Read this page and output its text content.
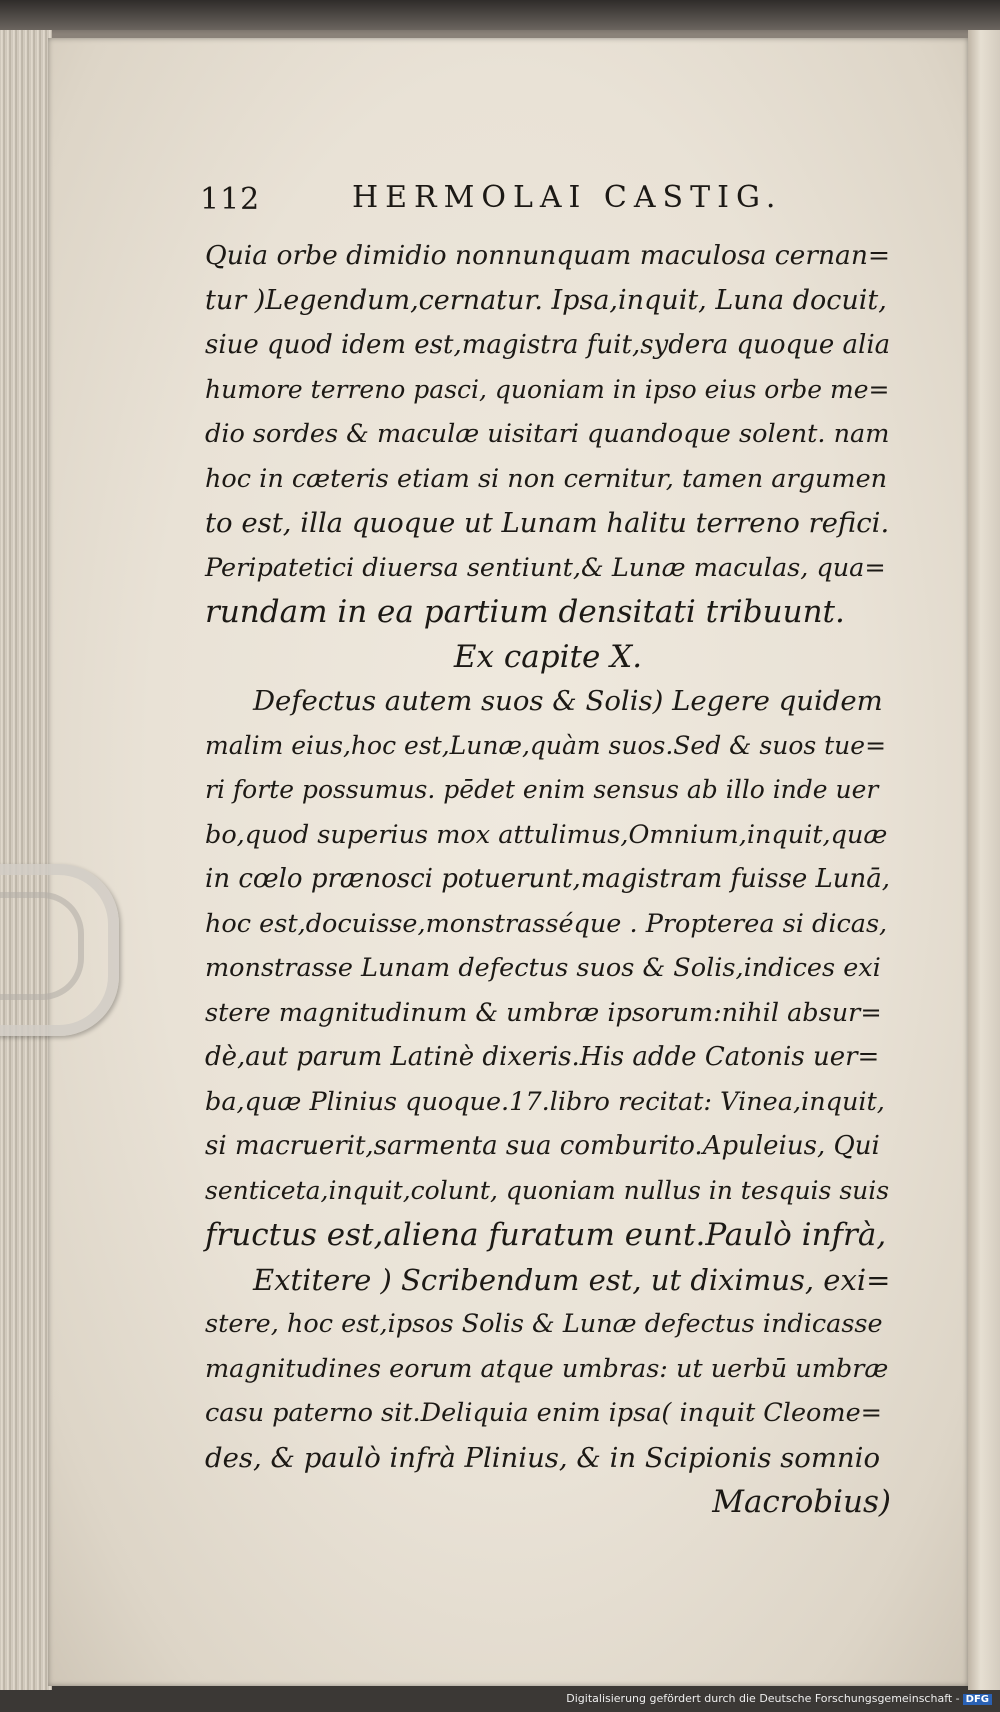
112	HERMOLAI CASTIG.
Quia orbe dimidio nonnunquam maculosa cernan=
tur )Legendum,cernatur. Ipsa,inquit, Luna docuit,
siue quod idem est,magistra fuit,sydera quoque alia
humore terreno pasci, quoniam in ipso eius orbe me=
dio sordes & maculæ uisitari quandoque solent. nam
hoc in cæteris etiam si non cernitur, tamen argumen
to est, illa quoque ut Lunam halitu terreno refici.
Peripatetici diuersa sentiunt,& Lunæ maculas, qua=
rundam in ea partium densitati tribuunt.
Ex capite X.
Defectus autem suos & Solis) Legere quidem
malim eius,hoc est,Lunæ,quàm suos.Sed & suos tue=
ri forte possumus. pēdet enim sensus ab illo inde uer
bo,quod superius mox attulimus,Omnium,inquit,quæ
in cœlo prænosci potuerunt,magistram fuisse Lunā,
hoc est,docuisse,monstrasséque . Propterea si dicas,
monstrasse Lunam defectus suos & Solis,indices exi
stere magnitudinum & umbræ ipsorum:nihil absur=
dè,aut parum Latinè dixeris.His adde Catonis uer=
ba,quæ Plinius quoque.17.libro recitat: Vinea,inquit,
si macruerit,sarmenta sua comburito.Apuleius, Qui
senticeta,inquit,colunt, quoniam nullus in tesquis suis
fructus est,aliena furatum eunt.Paulò infrà,
Extitere ) Scribendum est, ut diximus, exi=
stere, hoc est,ipsos Solis & Lunæ defectus indicasse
magnitudines eorum atque umbras: ut uerbū umbræ
casu paterno sit.Deliquia enim ipsa( inquit Cleome=
des, & paulò infrà Plinius, & in Scipionis somnio
Macrobius)
Digitalisierung gefördert durch die Deutsche Forschungsgemeinschaft - DFG
